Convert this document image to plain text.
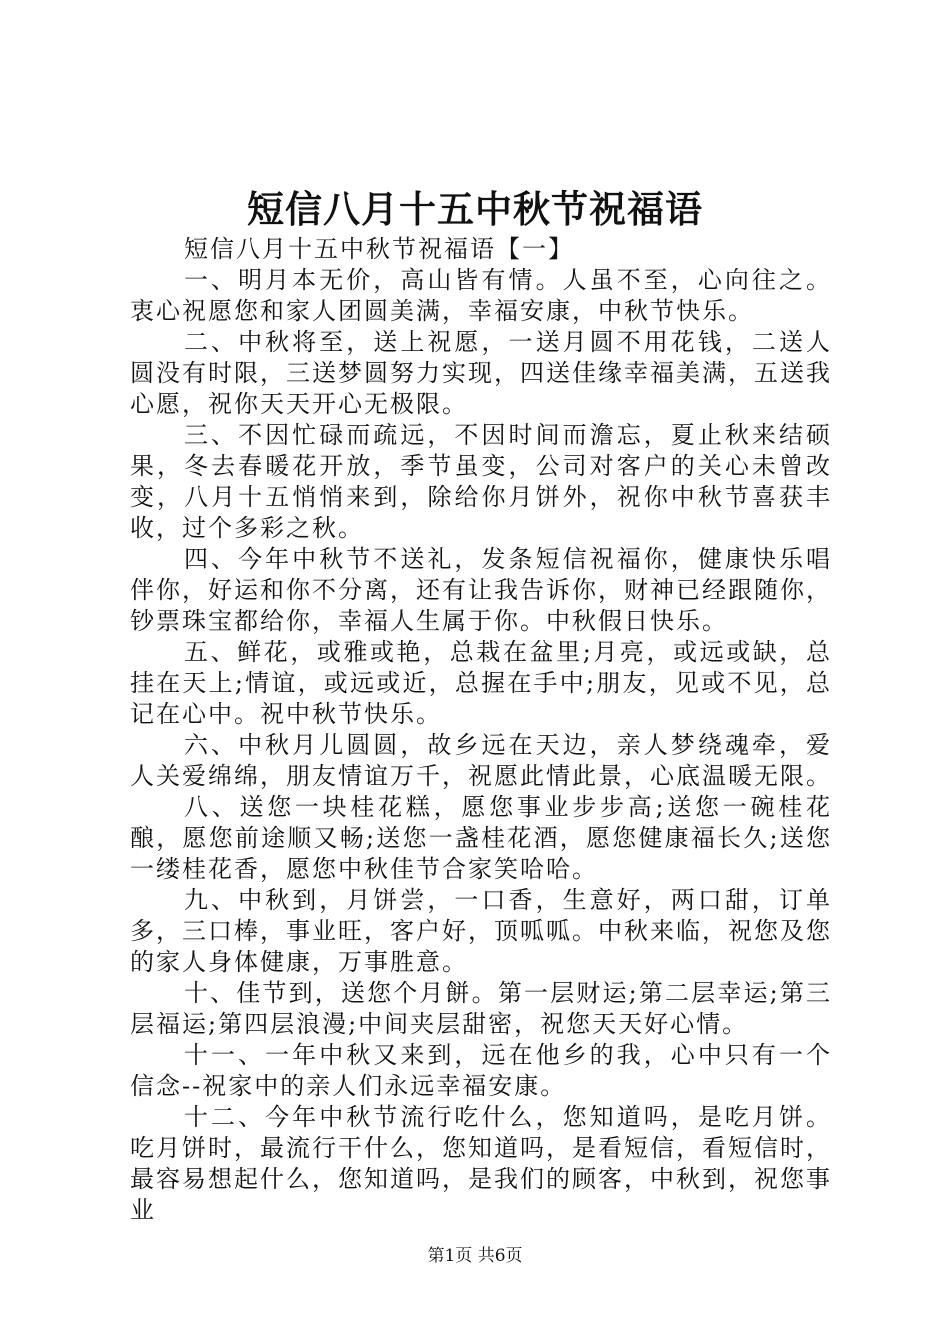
短信八月十五中秋节祝福语

短信八月十五中秋节祝福语【一】

一、明月本无价，高山皆有情。人虽不至，心向往之。衷心祝愿您和家人团圆美满，幸福安康，中秋节快乐。

二、中秋将至，送上祝愿，一送月圆不用花钱，二送人圆没有时限，三送梦圆努力实现，四送佳缘幸福美满，五送我心愿，祝你天天开心无极限。

三、不因忙碌而疏远，不因时间而澹忘，夏止秋来结硕果，冬去春暖花开放，季节虽变，公司对客户的关心未曾改变，八月十五悄悄来到，除给你月饼外，祝你中秋节喜获丰收，过个多彩之秋。

四、今年中秋节不送礼，发条短信祝福你，健康快乐唱伴你，好运和你不分离，还有让我告诉你，财神已经跟随你，钞票珠宝都给你，幸福人生属于你。中秋假日快乐。

五、鲜花，或雅或艳，总栽在盆里;月亮，或远或缺，总挂在天上;情谊，或远或近，总握在手中;朋友，见或不见，总记在心中。祝中秋节快乐。

六、中秋月儿圆圆，故乡远在天边，亲人梦绕魂牵，爱人关爱绵绵，朋友情谊万千，祝愿此情此景，心底温暖无限。

八、送您一块桂花糕，愿您事业步步高;送您一碗桂花酿，愿您前途顺又畅;送您一盏桂花酒，愿您健康福长久;送您一缕桂花香，愿您中秋佳节合家笑哈哈。

九、中秋到，月饼尝，一口香，生意好，两口甜，订单多，三口棒，事业旺，客户好，顶呱呱。中秋来临，祝您及您的家人身体健康，万事胜意。

十、佳节到，送您个月餅。第一层财运;第二层幸运;第三层福运;第四层浪漫;中间夹层甜密，祝您天天好心情。

十一、一年中秋又来到，远在他乡的我，心中只有一个信念--祝家中的亲人们永远幸福安康。

十二、今年中秋节流行吃什么，您知道吗，是吃月饼。吃月饼时，最流行干什么，您知道吗，是看短信，看短信时，最容易想起什么，您知道吗，是我们的顾客，中秋到，祝您事业

第1页 共6页
